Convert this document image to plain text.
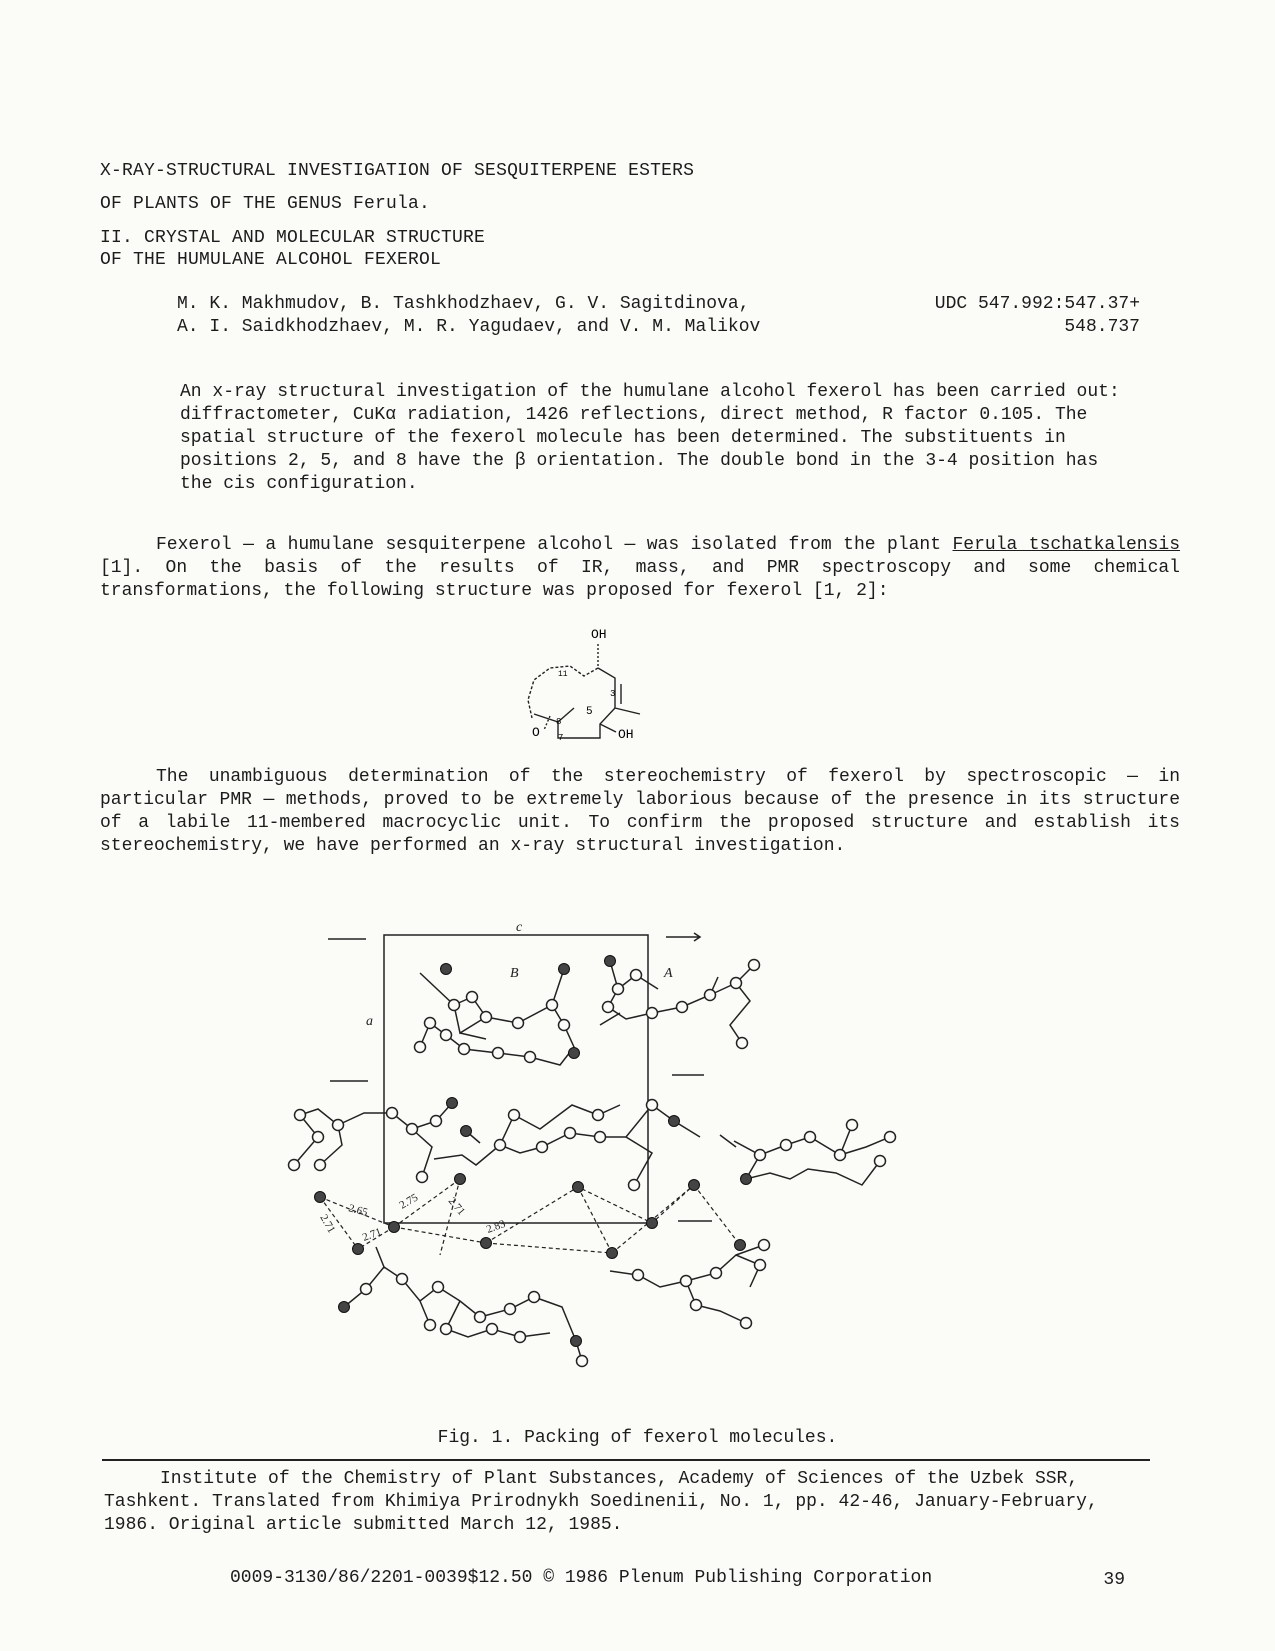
X-RAY-STRUCTURAL INVESTIGATION OF SESQUITERPENE ESTERS
OF PLANTS OF THE GENUS Ferula.
II. CRYSTAL AND MOLECULAR STRUCTURE
OF THE HUMULANE ALCOHOL FEXEROL
M. K. Makhmudov, B. Tashkhodzhaev, G. V. Sagitdinova,
A. I. Saidkhodzhaev, M. R. Yagudaev, and V. M. Malikov
UDC 547.992:547.37+
548.737
An x-ray structural investigation of the humulane alcohol fexerol has been carried out: diffractometer, CuKα radiation, 1426 reflections, direct method, R factor 0.105. The spatial structure of the fexerol molecule has been determined. The substituents in positions 2, 5, and 8 have the β orientation. The double bond in the 3-4 position has the cis configuration.
Fexerol — a humulane sesquiterpene alcohol — was isolated from the plant Ferula tschatkalensis [1]. On the basis of the results of IR, mass, and PMR spectroscopy and some chemical transformations, the following structure was proposed for fexerol [1, 2]:
OH
OH
O
3
5
8
7
11
The unambiguous determination of the stereochemistry of fexerol by spectroscopic — in particular PMR — methods, proved to be extremely laborious because of the presence in its structure of a labile 11-membered macrocyclic unit. To confirm the proposed structure and establish its stereochemistry, we have performed an x-ray structural investigation.
c
a
B	A
2.65	2.75 2.71
2.71 2.71	2.83
Fig. 1. Packing of fexerol molecules.
Institute of the Chemistry of Plant Substances, Academy of Sciences of the Uzbek SSR, Tashkent. Translated from Khimiya Prirodnykh Soedinenii, No. 1, pp. 42-46, January-February, 1986. Original article submitted March 12, 1985.
0009-3130/86/2201-0039$12.50 © 1986 Plenum Publishing Corporation	39
